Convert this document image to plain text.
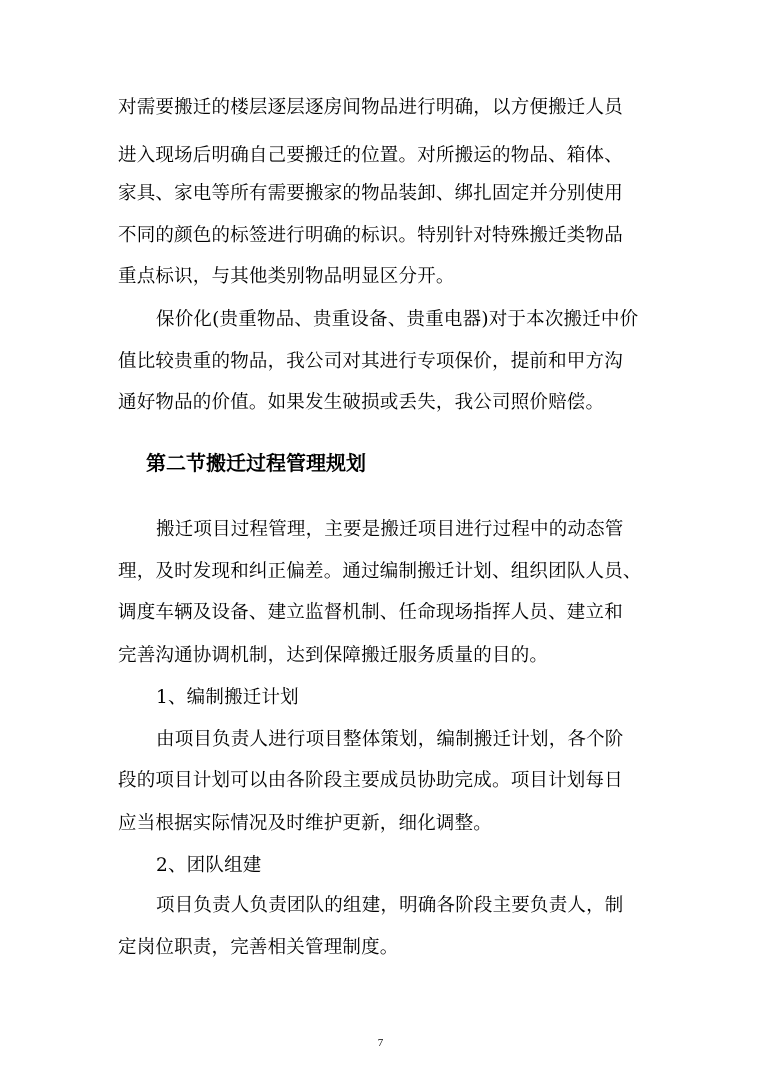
对需要搬迁的楼层逐层逐房间物品进行明确，以方便搬迁人员
进入现场后明确自己要搬迁的位置。对所搬运的物品、箱体、
家具、家电等所有需要搬家的物品装卸、绑扎固定并分别使用
不同的颜色的标签进行明确的标识。特别针对特殊搬迁类物品
重点标识，与其他类别物品明显区分开。
保价化(贵重物品、贵重设备、贵重电器)对于本次搬迁中价
值比较贵重的物品，我公司对其进行专项保价，提前和甲方沟
通好物品的价值。如果发生破损或丢失，我公司照价赔偿。
第二节搬迁过程管理规划
搬迁项目过程管理，主要是搬迁项目进行过程中的动态管
理，及时发现和纠正偏差。通过编制搬迁计划、组织团队人员、
调度车辆及设备、建立监督机制、任命现场指挥人员、建立和
完善沟通协调机制，达到保障搬迁服务质量的目的。
1、编制搬迁计划
由项目负责人进行项目整体策划，编制搬迁计划，各个阶
段的项目计划可以由各阶段主要成员协助完成。项目计划每日
应当根据实际情况及时维护更新，细化调整。
2、团队组建
项目负责人负责团队的组建，明确各阶段主要负责人，制
定岗位职责，完善相关管理制度。
7
